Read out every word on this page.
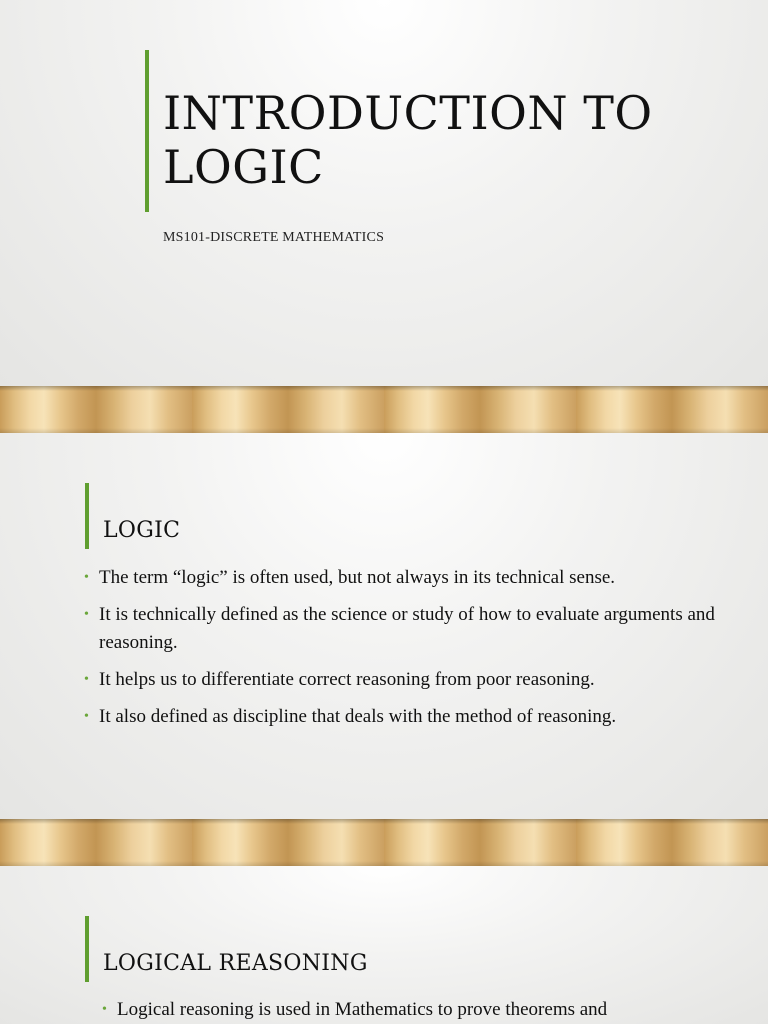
INTRODUCTION TO LOGIC

MS101-DISCRETE MATHEMATICS

LOGIC
• The term “logic” is often used, but not always in its technical sense.
• It is technically defined as the science or study of how to evaluate arguments and reasoning.
• It helps us to differentiate correct reasoning from poor reasoning.
• It also defined as discipline that deals with the method of reasoning.
LOGICAL REASONING
• Logical reasoning is used in Mathematics to prove theorems and
